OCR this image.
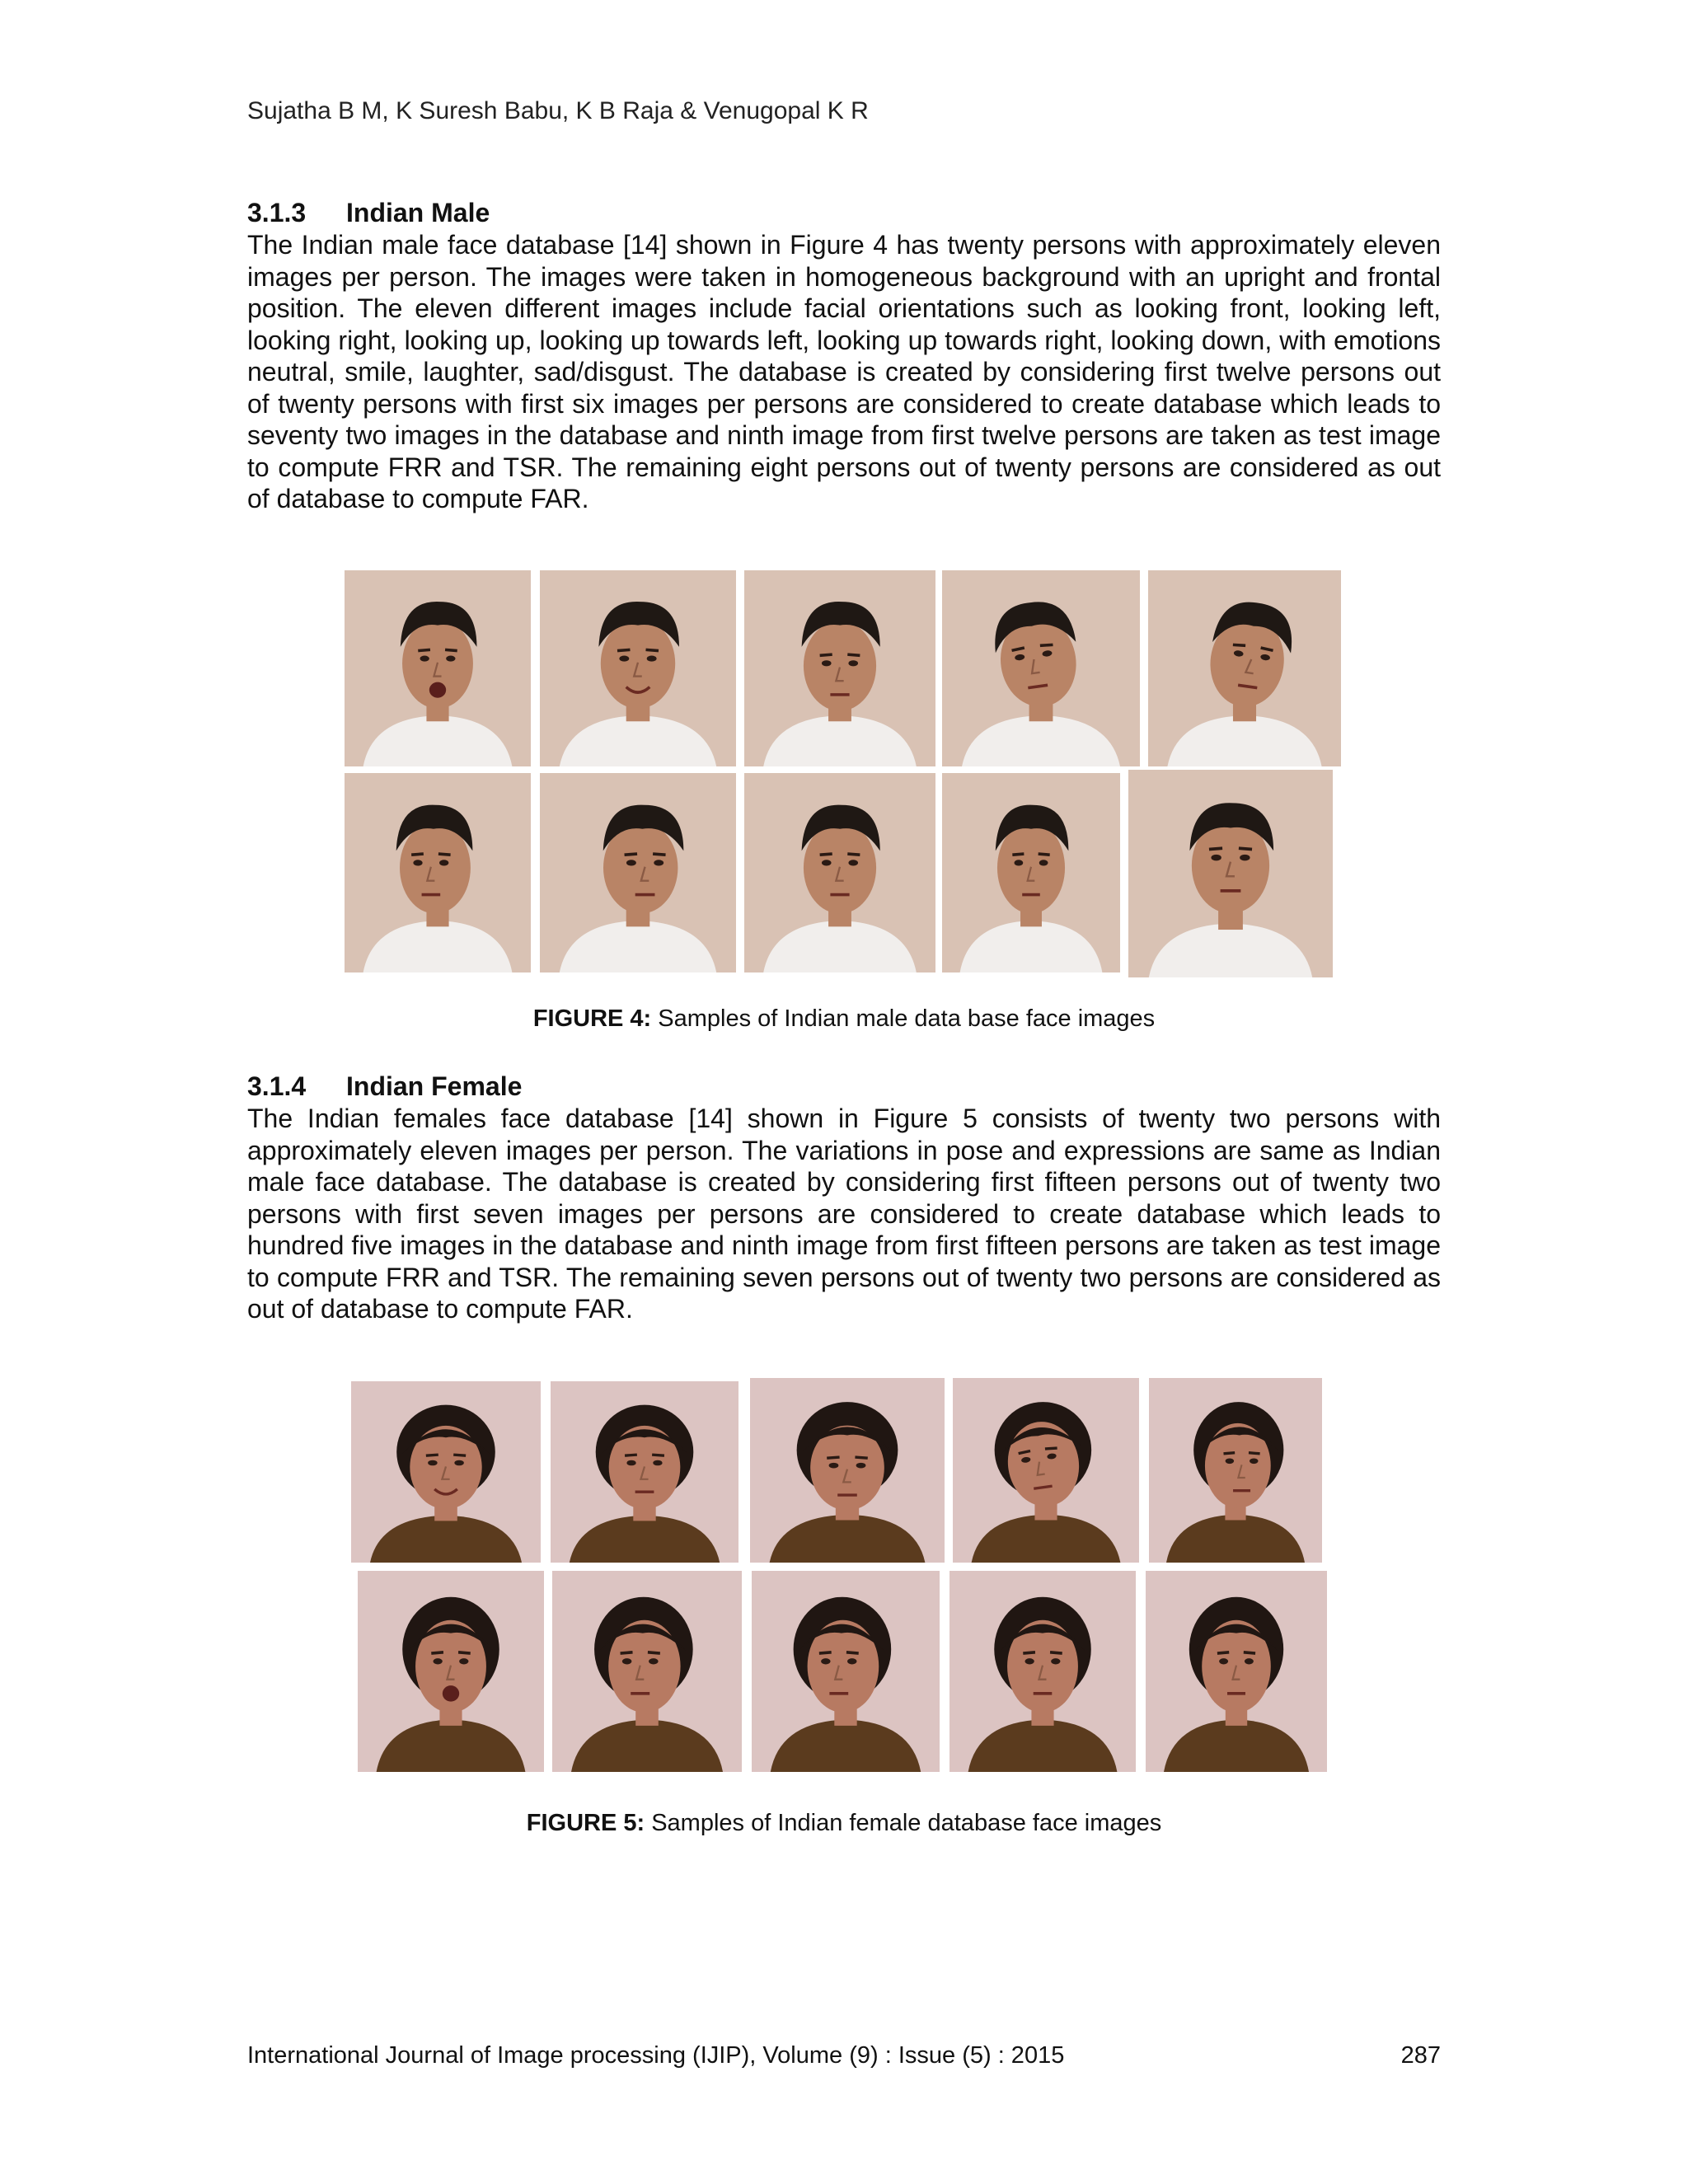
Sujatha B M, K Suresh Babu, K B Raja & Venugopal K R
3.1.3 Indian Male

The Indian male face database [14] shown in Figure 4 has twenty persons with approximately eleven images per person. The images were taken in homogeneous background with an upright and frontal position. The eleven different images include facial orientations such as looking front, looking left, looking right, looking up, looking up towards left, looking up towards right, looking down, with emotions neutral, smile, laughter, sad/disgust. The database is created by considering first twelve persons out of twenty persons with first six images per persons are considered to create database which leads to seventy two images in the database and ninth image from first twelve persons are taken as test image to compute FRR and TSR. The remaining eight persons out of twenty persons are considered as out of database to compute FAR.

FIGURE 4: Samples of Indian male data base face images
3.1.4 Indian Female

The Indian females face database [14] shown in Figure 5 consists of twenty two persons with approximately eleven images per person. The variations in pose and expressions are same as Indian male face database. The database is created by considering first fifteen persons out of twenty two persons with first seven images per persons are considered to create database which leads to hundred five images in the database and ninth image from first fifteen persons are taken as test image to compute FRR and TSR. The remaining seven persons out of twenty two persons are considered as out of database to compute FAR.

FIGURE 5: Samples of Indian female database face images
International Journal of Image processing (IJIP), Volume (9) : Issue (5) : 2015	287
